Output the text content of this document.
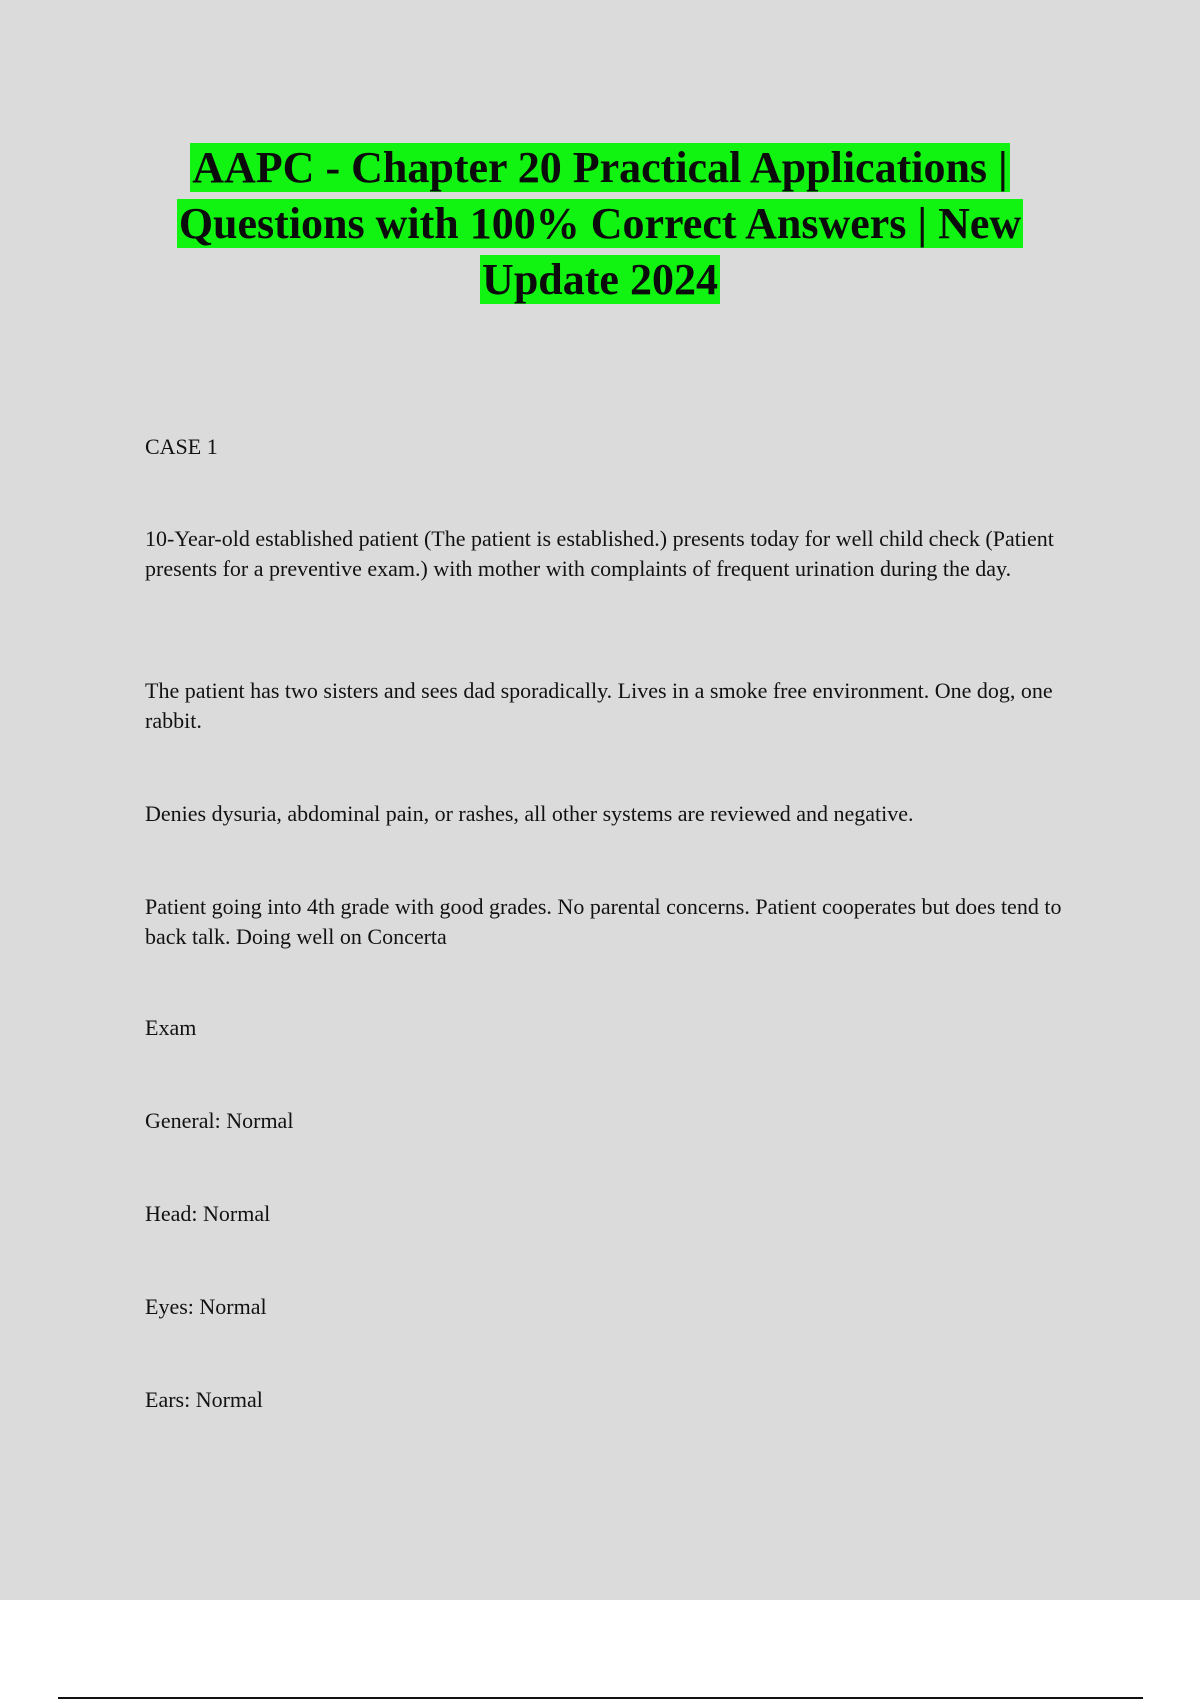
AAPC - Chapter 20 Practical Applications |
Questions with 100% Correct Answers | New
Update 2024
CASE 1
10-Year-old established patient (The patient is established.) presents today for well child check (Patient presents for a preventive exam.) with mother with complaints of frequent urination during the day.
The patient has two sisters and sees dad sporadically. Lives in a smoke free environment. One dog, one rabbit.
Denies dysuria, abdominal pain, or rashes, all other systems are reviewed and negative.
Patient going into 4th grade with good grades. No parental concerns. Patient cooperates but does tend to back talk. Doing well on Concerta
Exam
General: Normal
Head: Normal
Eyes: Normal
Ears: Normal
